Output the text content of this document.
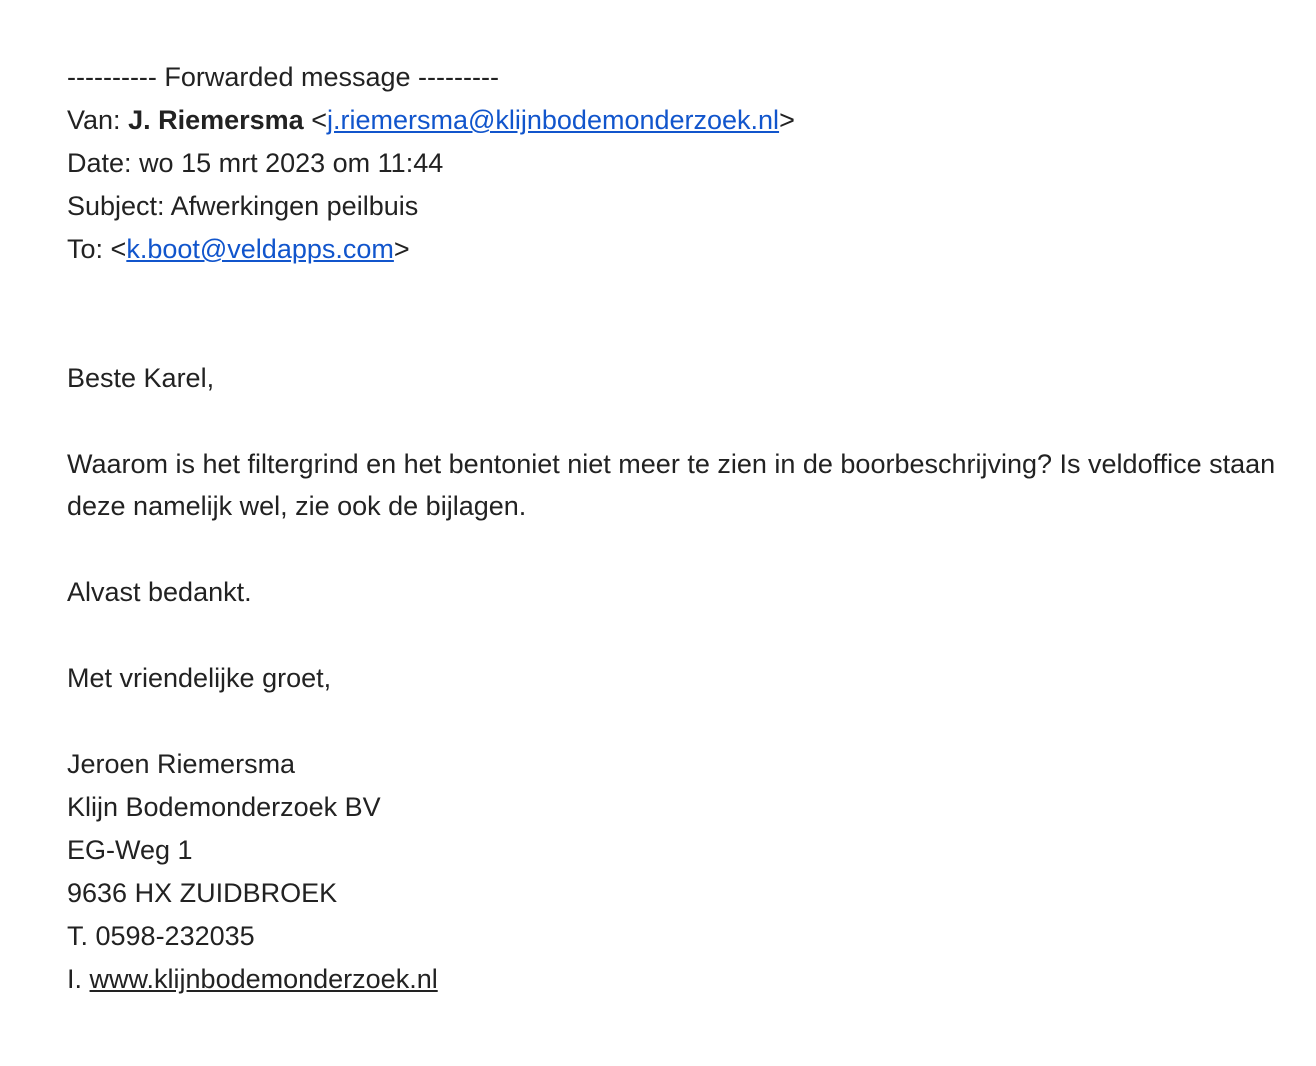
---------- Forwarded message ---------
Van: J. Riemersma <j.riemersma@klijnbodemonderzoek.nl>
Date: wo 15 mrt 2023 om 11:44
Subject: Afwerkingen peilbuis
To: <k.boot@veldapps.com>
Beste Karel,
Waarom is het filtergrind en het bentoniet niet meer te zien in de boorbeschrijving? Is veldoffice staan deze namelijk wel, zie ook de bijlagen.
Alvast bedankt.
Met vriendelijke groet,
Jeroen Riemersma
Klijn Bodemonderzoek BV
EG-Weg 1
9636 HX ZUIDBROEK
T. 0598-232035
I. www.klijnbodemonderzoek.nl
